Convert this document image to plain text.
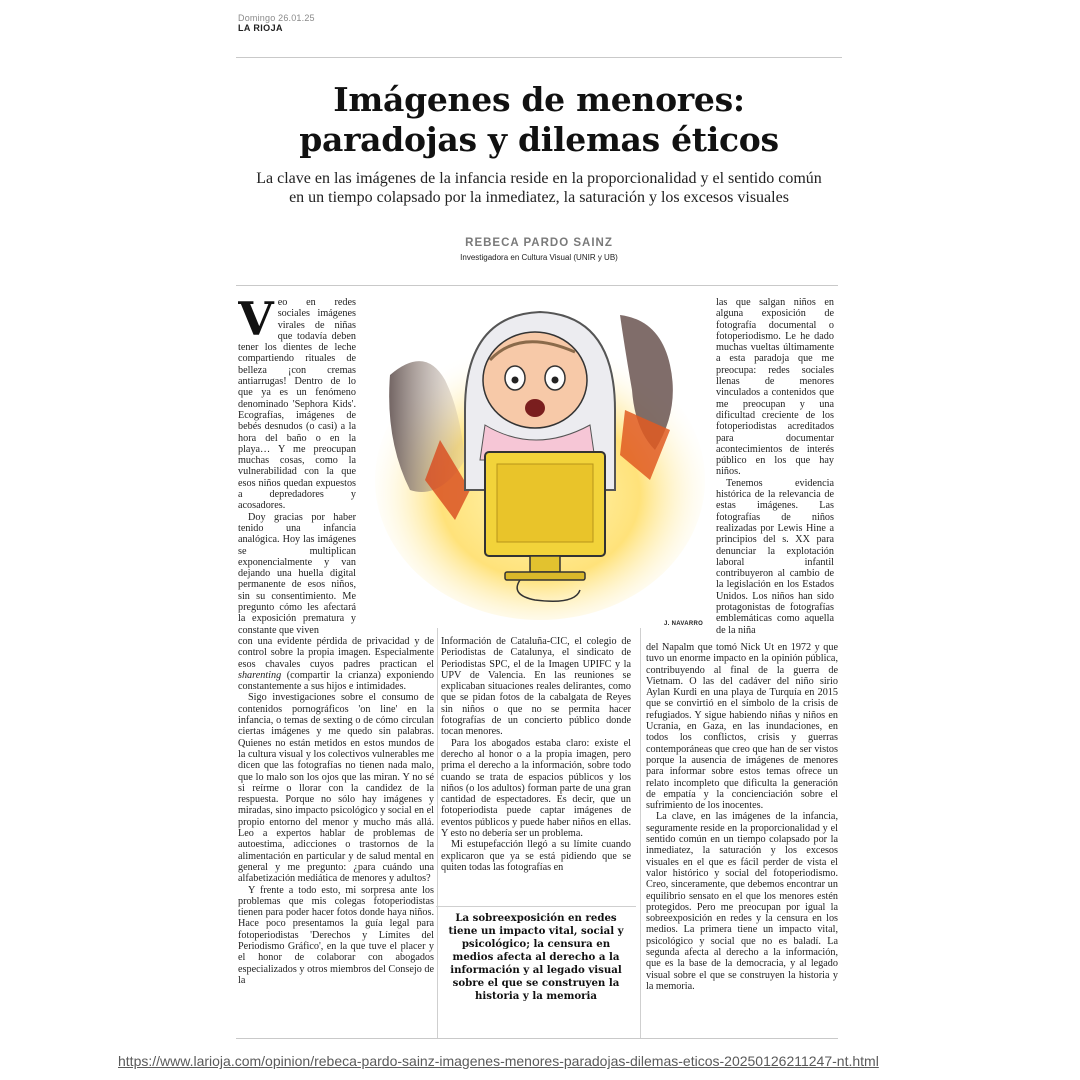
Domingo 26.01.25
LA RIOJA
Imágenes de menores:
paradojas y dilemas éticos
La clave en las imágenes de la infancia reside en la proporcionalidad y el sentido común
en un tiempo colapsado por la inmediatez, la saturación y los excesos visuales
REBECA PARDO SAINZ
Investigadora en Cultura Visual (UNIR y UB)

Veo en redes sociales imágenes virales de niñas que todavía deben tener los dientes de leche compartiendo rituales de belleza ¡con cremas antiarrugas! Dentro de lo que ya es un fenómeno denominado 'Sephora Kids'. Ecografías, imágenes de bebés desnudos (o casi) a la hora del baño o en la playa… Y me preocupan muchas cosas, como la vulnerabilidad con la que esos niños quedan expuestos a depredadores y acosadores.

Doy gracias por haber tenido una infancia analógica. Hoy las imágenes se multiplican exponencialmente y van dejando una huella digital permanente de esos niños, sin su consentimiento. Me pregunto cómo les afectará la exposición prematura y constante que viven

J. NAVARRO

las que salgan niños en alguna exposición de fotografía documental o fotoperiodismo. Le he dado muchas vueltas últimamente a esta paradoja que me preocupa: redes sociales llenas de menores vinculados a contenidos que me preocupan y una dificultad creciente de los fotoperiodistas acreditados para documentar acontecimientos de interés público en los que hay niños.

Tenemos evidencia histórica de la relevancia de estas imágenes. Las fotografías de niños realizadas por Lewis Hine a principios del s. XX para denunciar la explotación laboral infantil contribuyeron al cambio de la legislación en los Estados Unidos. Los niños han sido protagonistas de fotografías emblemáticas como aquella de la niña

con una evidente pérdida de privacidad y de control sobre la propia imagen. Especialmente esos chavales cuyos padres practican el sharenting (compartir la crianza) exponiendo constantemente a sus hijos e intimidades.

Sigo investigaciones sobre el consumo de contenidos pornográficos 'on line' en la infancia, o temas de sexting o de cómo circulan ciertas imágenes y me quedo sin palabras. Quienes no están metidos en estos mundos de la cultura visual y los colectivos vulnerables me dicen que las fotografías no tienen nada malo, que lo malo son los ojos que las miran. Y no sé si reírme o llorar con la candidez de la respuesta. Porque no sólo hay imágenes y miradas, sino impacto psicológico y social en el propio entorno del menor y mucho más allá. Leo a expertos hablar de problemas de autoestima, adicciones o trastornos de la alimentación en particular y de salud mental en general y me pregunto: ¿para cuándo una alfabetización mediática de menores y adultos?

Y frente a todo esto, mi sorpresa ante los problemas que mis colegas fotoperiodistas tienen para poder hacer fotos donde haya niños. Hace poco presentamos la guía legal para fotoperiodistas 'Derechos y Límites del Periodismo Gráfico', en la que tuve el placer y el honor de colaborar con abogados especializados y otros miembros del Consejo de la

Información de Cataluña-CIC, el colegio de Periodistas de Catalunya, el sindicato de Periodistas SPC, el de la Imagen UPIFC y la UPV de Valencia. En las reuniones se explicaban situaciones reales delirantes, como que se pidan fotos de la cabalgata de Reyes sin niños o que no se permita hacer fotografías de un concierto público donde tocan menores.

Para los abogados estaba claro: existe el derecho al honor o a la propia imagen, pero prima el derecho a la información, sobre todo cuando se trata de espacios públicos y los niños (o los adultos) forman parte de una gran cantidad de espectadores. Es decir, que un fotoperiodista puede captar imágenes de eventos públicos y puede haber niños en ellas. Y esto no debería ser un problema.

Mi estupefacción llegó a su límite cuando explicaron que ya se está pidiendo que se quiten todas las fotografías en

La sobreexposición en redes tiene un impacto vital, social y psicológico; la censura en medios afecta al derecho a la información y al legado visual sobre el que se construyen la historia y la memoria

del Napalm que tomó Nick Ut en 1972 y que tuvo un enorme impacto en la opinión pública, contribuyendo al final de la guerra de Vietnam. O las del cadáver del niño sirio Aylan Kurdi en una playa de Turquía en 2015 que se convirtió en el símbolo de la crisis de refugiados. Y sigue habiendo niñas y niños en Ucrania, en Gaza, en las inundaciones, en todos los conflictos, crisis y guerras contemporáneas que creo que han de ser vistos porque la ausencia de imágenes de menores para informar sobre estos temas ofrece un relato incompleto que dificulta la generación de empatía y la concienciación sobre el sufrimiento de los inocentes.

La clave, en las imágenes de la infancia, seguramente reside en la proporcionalidad y el sentido común en un tiempo colapsado por la inmediatez, la saturación y los excesos visuales en el que es fácil perder de vista el valor histórico y social del fotoperiodismo. Creo, sinceramente, que debemos encontrar un equilibrio sensato en el que los menores estén protegidos. Pero me preocupan por igual la sobreexposición en redes y la censura en los medios. La primera tiene un impacto vital, psicológico y social que no es baladí. La segunda afecta al derecho a la información, que es la base de la democracia, y al legado visual sobre el que se construyen la historia y la memoria.

https://www.larioja.com/opinion/rebeca-pardo-sainz-imagenes-menores-paradojas-dilemas-eticos-20250126211247-nt.html
